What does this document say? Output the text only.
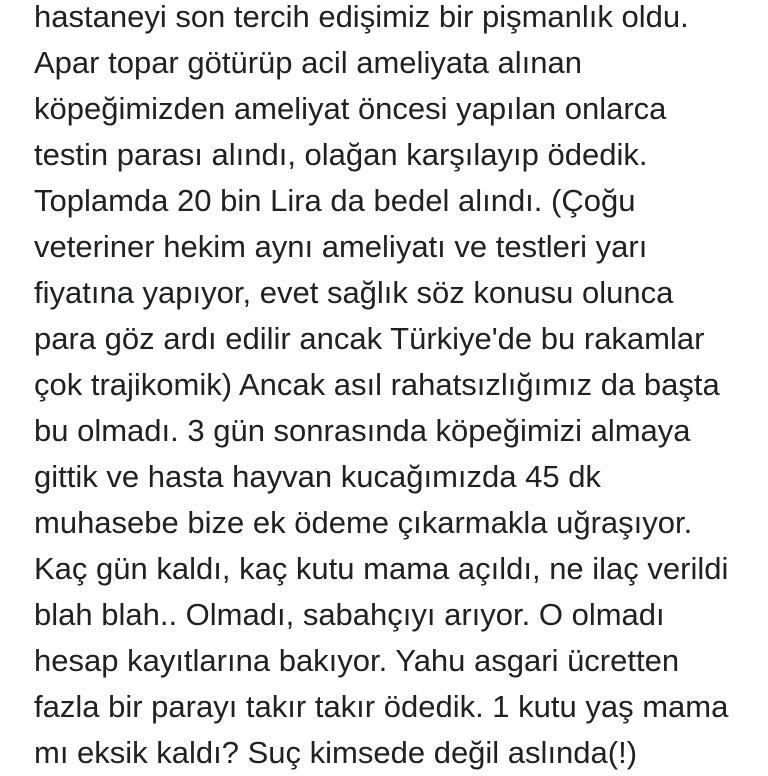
hastaneyi son tercih edişimiz bir pişmanlık oldu.
Apar topar götürüp acil ameliyata alınan
köpeğimizden ameliyat öncesi yapılan onlarca
testin parası alındı, olağan karşılayıp ödedik.
Toplamda 20 bin Lira da bedel alındı. (Çoğu
veteriner hekim aynı ameliyatı ve testleri yarı
fiyatına yapıyor, evet sağlık söz konusu olunca
para göz ardı edilir ancak Türkiye'de bu rakamlar
çok trajikomik) Ancak asıl rahatsızlığımız da başta
bu olmadı. 3 gün sonrasında köpeğimizi almaya
gittik ve hasta hayvan kucağımızda 45 dk
muhasebe bize ek ödeme çıkarmakla uğraşıyor.
Kaç gün kaldı, kaç kutu mama açıldı, ne ilaç verildi
blah blah.. Olmadı, sabahçıyı arıyor. O olmadı
hesap kayıtlarına bakıyor. Yahu asgari ücretten
fazla bir parayı takır takır ödedik. 1 kutu yaş mama
mı eksik kaldı? Suç kimsede değil aslında(!)
